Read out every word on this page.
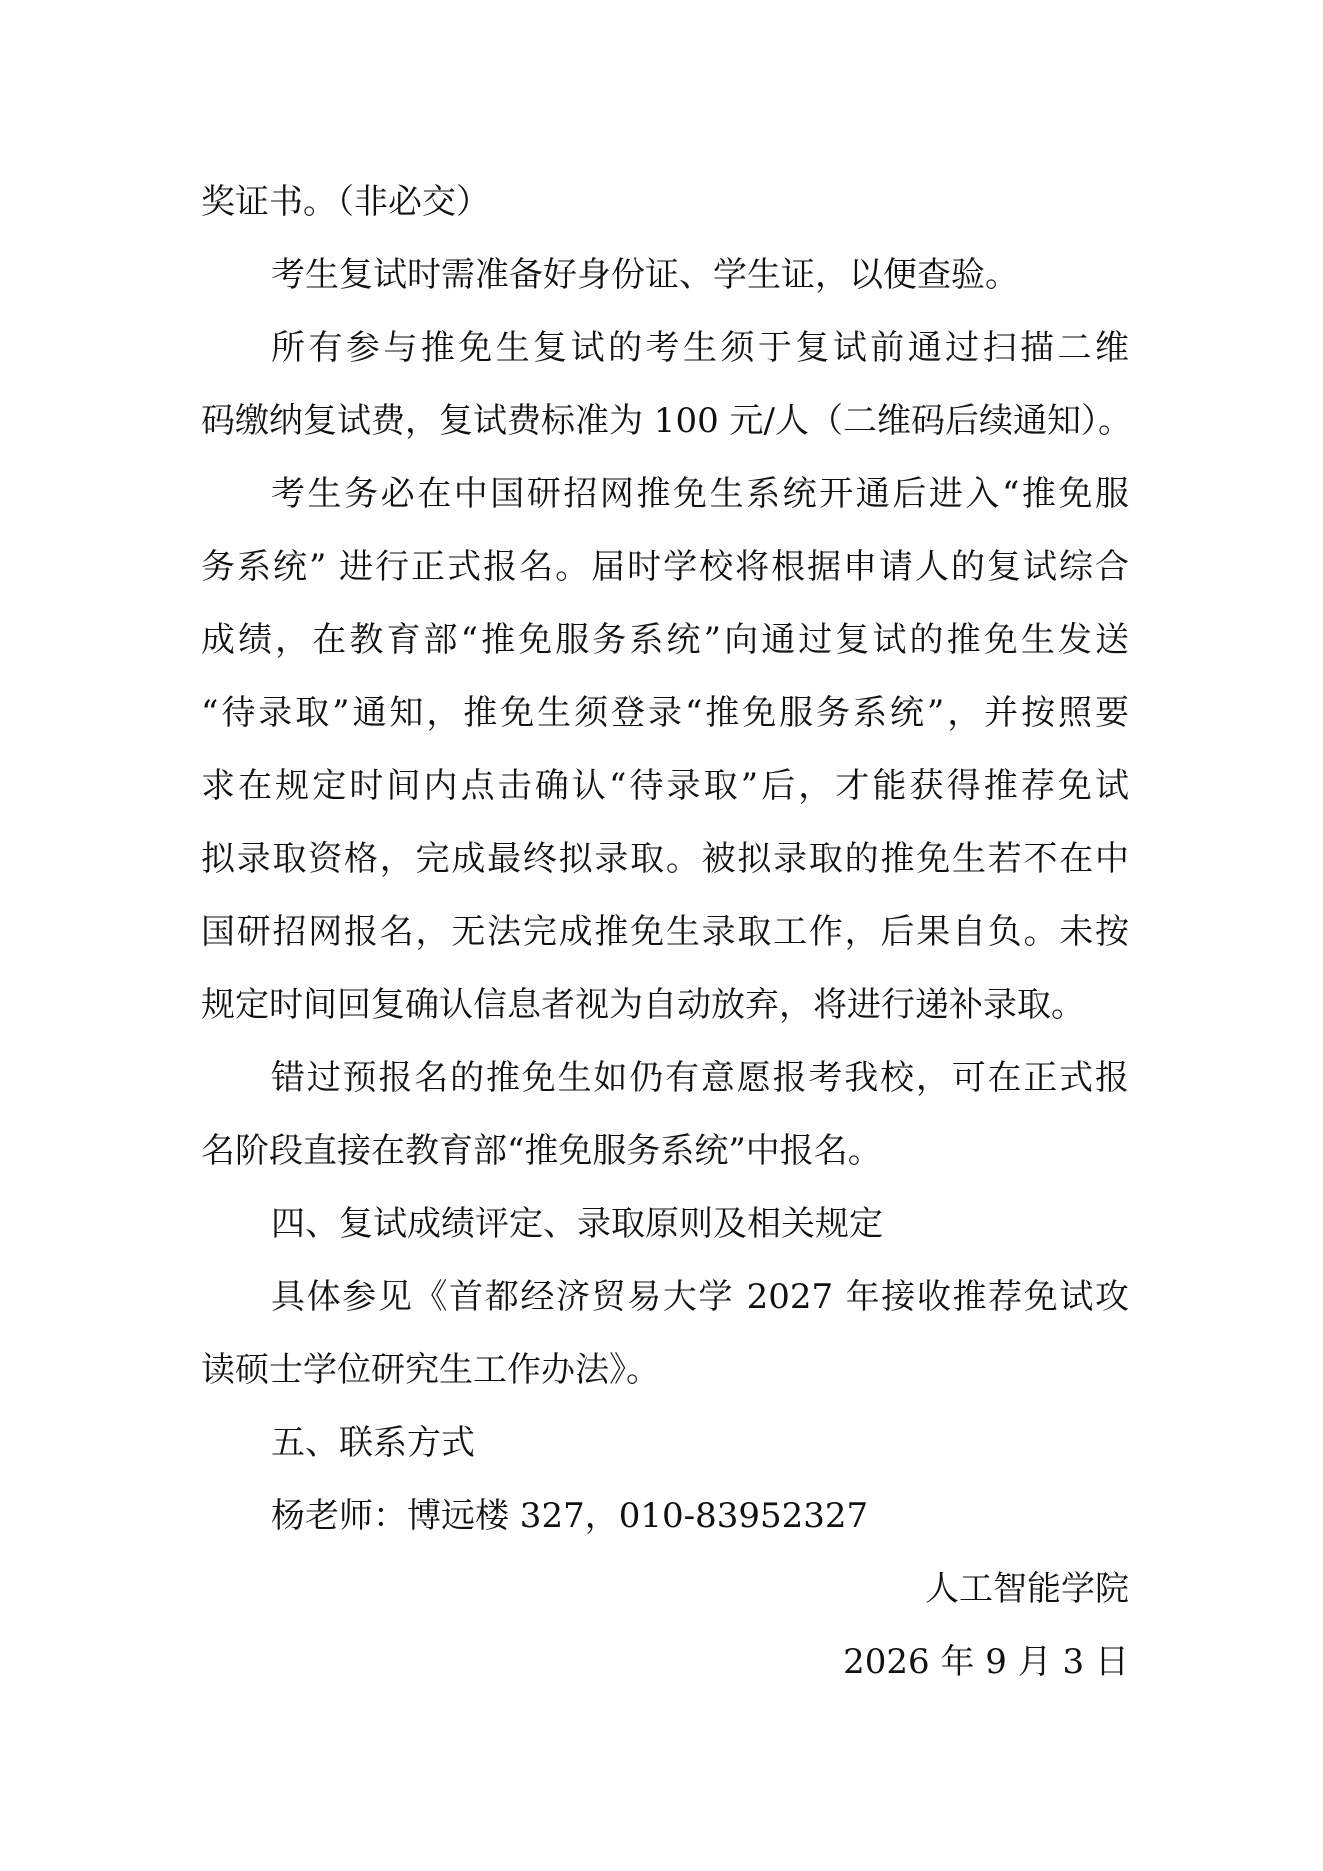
奖证书。（非必交）
考生复试时需准备好身份证、学生证，以便查验。
所有参与推免生复试的考生须于复试前通过扫描二维
码缴纳复试费，复试费标准为 100 元/人（二维码后续通知）。
考生务必在中国研招网推免生系统开通后进入“推免服
务系统” 进行正式报名。届时学校将根据申请人的复试综合
成绩，在教育部“推免服务系统”向通过复试的推免生发送
“待录取”通知，推免生须登录“推免服务系统”，并按照要
求在规定时间内点击确认“待录取”后，才能获得推荐免试
拟录取资格，完成最终拟录取。被拟录取的推免生若不在中
国研招网报名，无法完成推免生录取工作，后果自负。未按
规定时间回复确认信息者视为自动放弃，将进行递补录取。
错过预报名的推免生如仍有意愿报考我校，可在正式报
名阶段直接在教育部“推免服务系统”中报名。
四、复试成绩评定、录取原则及相关规定
具体参见《首都经济贸易大学 2027 年接收推荐免试攻
读硕士学位研究生工作办法》。
五、联系方式
杨老师：博远楼 327，010-83952327
人工智能学院
2026 年 9 月 3 日
